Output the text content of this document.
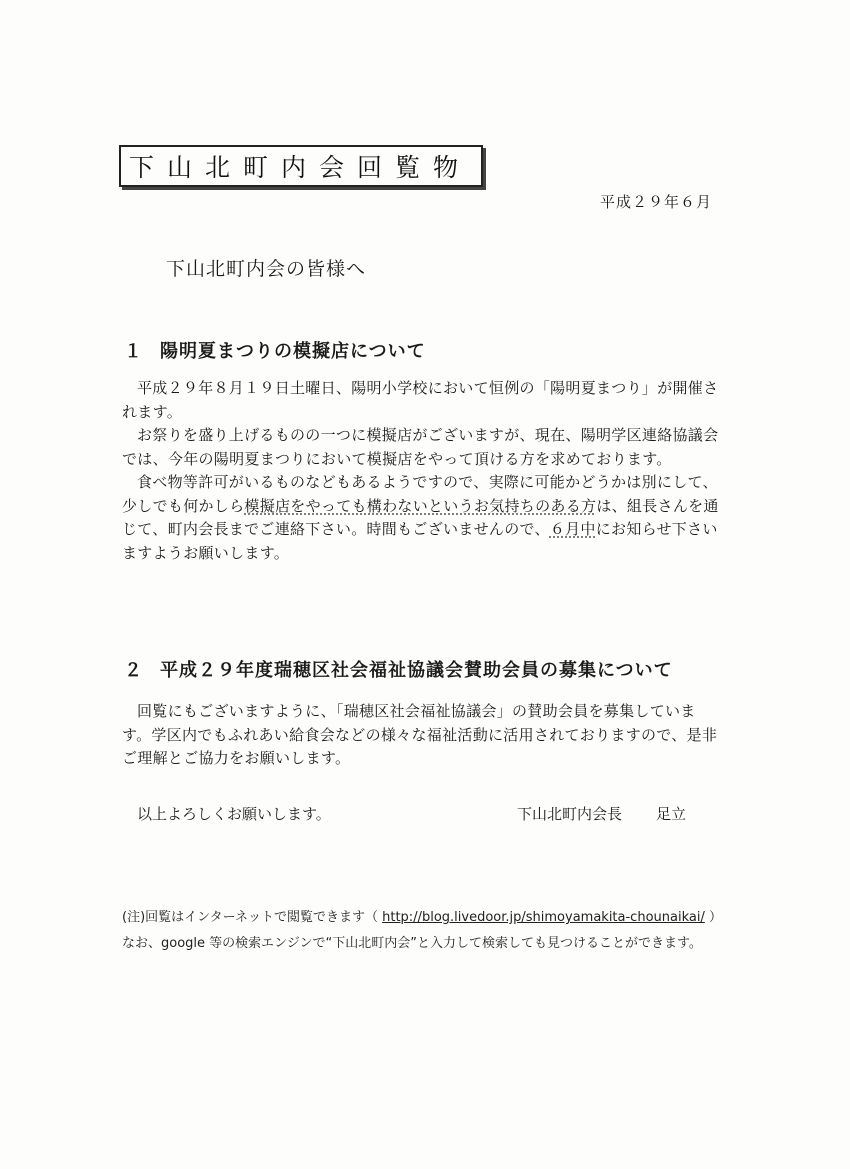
下山北町内会回覧物
平成２９年６月
下山北町内会の皆様へ
１ 陽明夏まつりの模擬店について

平成２９年８月１９日土曜日、陽明小学校において恒例の「陽明夏まつり」が開催されます。

お祭りを盛り上げるものの一つに模擬店がございますが、現在、陽明学区連絡協議会では、今年の陽明夏まつりにおいて模擬店をやって頂ける方を求めております。

食べ物等許可がいるものなどもあるようですので、実際に可能かどうかは別にして、少しでも何かしら模擬店をやっても構わないというお気持ちのある方は、組長さんを通じて、町内会長までご連絡下さい。時間もございませんので、６月中にお知らせ下さいますようお願いします。

２ 平成２９年度瑞穂区社会福祉協議会賛助会員の募集について

回覧にもございますように、「瑞穂区社会福祉協議会」の賛助会員を募集しています。学区内でもふれあい給食会などの様々な福祉活動に活用されておりますので、是非ご理解とご協力をお願いします。

以上よろしくお願いします。	下山北町内会長 足立
(注)回覧はインターネットで閲覧できます（ http://blog.livedoor.jp/shimoyamakita-chounaikai/ ）　なお、google 等の検索エンジンで“下山北町内会”と入力して検索しても見つけることができます。
